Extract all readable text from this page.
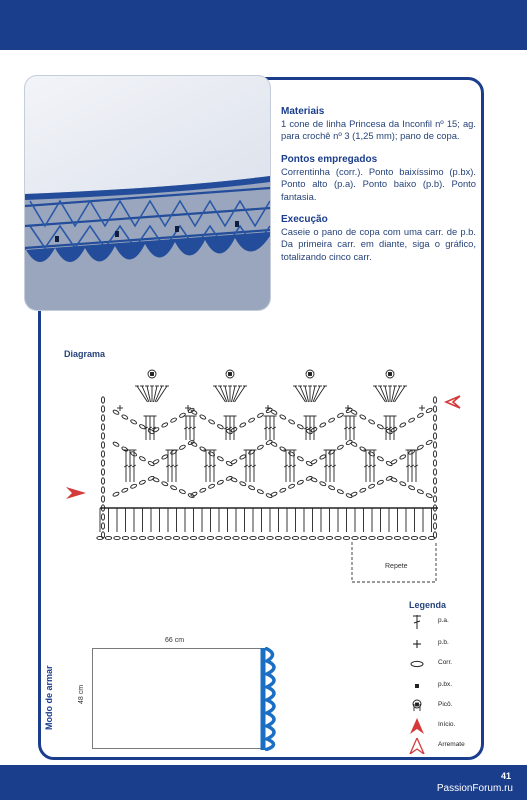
Materiais

1 cone de linha Princesa da Inconfil nº 15; ag. para crochê nº 3 (1,25 mm); pano de copa.

Pontos empregados

Correntinha (corr.). Ponto baixíssimo (p.bx). Ponto alto (p.a). Ponto baixo (p.b). Ponto fantasia.

Execução

Caseie o pano de copa com uma carr. de p.b. Da primeira carr. em diante, siga o gráfico, totalizando cinco carr.

Diagrama
Repete
Legenda
p.a.
p.b.
Corr.
p.bx.
Picô.
Início.
Arremate
Modo de armar
66 cm
48 cm
41
PassionForum.ru
